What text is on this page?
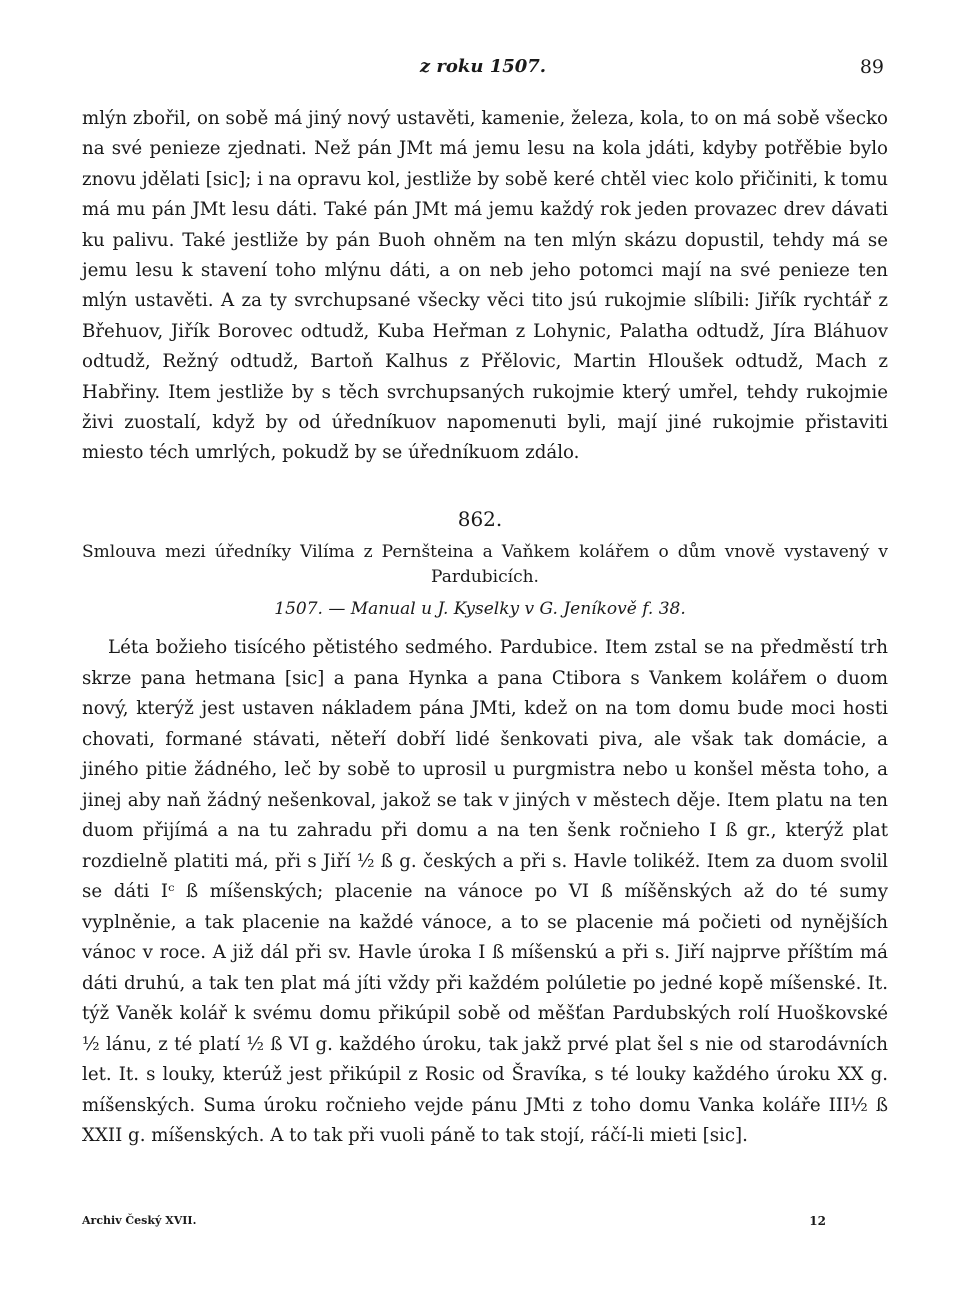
z roku 1507.	89

mlýn zbořil, on sobě má jiný nový ustavěti, kamenie, železa, kola, to on má sobě všecko na své penieze zjednati. Než pán JMt má jemu lesu na kola jdáti, kdyby potřěbie bylo znovu jdělati [sic]; i na opravu kol, jestliže by sobě keré chtěl viec kolo přičiniti, k tomu má mu pán JMt lesu dáti. Také pán JMt má jemu každý rok jeden provazec drev dávati ku palivu. Také jestliže by pán Buoh ohněm na ten mlýn skázu dopustil, tehdy má se jemu lesu k stavení toho mlýnu dáti, a on neb jeho potomci mají na své penieze ten mlýn ustavěti. A za ty svrchupsané všecky věci tito jsú rukojmie slíbili: Jiřík rychtář z Břehuov, Jiřík Borovec odtudž, Kuba Heřman z Lohynic, Palatha odtudž, Jíra Bláhuov odtudž, Režný odtudž, Bartoň Kalhus z Přělovic, Martin Hloušek odtudž, Mach z Habřiny. Item jestliže by s těch svrchupsaných rukojmie který umřel, tehdy rukojmie živi zuostalí, když by od úředníkuov napomenuti byli, mají jiné rukojmie přistaviti miesto téch umrlých, pokudž by se úředníkuom zdálo.

862.
Smlouva mezi úředníky Vilíma z Pernšteina a Vaňkem kolářem o dům vnově vystavený v Pardubicích.
1507. — Manual u J. Kyselky v G. Jeníkově f. 38.

Léta božieho tisícého pětistého sedmého. Pardubice. Item zstal se na předměstí trh skrze pana hetmana [sic] a pana Hynka a pana Ctibora s Vankem kolářem o duom nový, kterýž jest ustaven nákladem pána JMti, kdež on na tom domu bude moci hosti chovati, formané stávati, něteří dobří lidé šenkovati piva, ale však tak domácie, a jiného pitie žádného, leč by sobě to uprosil u purgmistra nebo u konšel města toho, a jinej aby naň žádný nešenkoval, jakož se tak v jiných v městech děje. Item platu na ten duom přijímá a na tu zahradu při domu a na ten šenk ročnieho I ß gr., kterýž plat rozdielně platiti má, při s Jiří ½ ß g. českých a při s. Havle tolikéž. Item za duom svolil se dáti Iᶜ ß míšenských; placenie na vánoce po VI ß míšěnských až do té sumy vyplněnie, a tak placenie na každé vánoce, a to se placenie má počieti od nynějších vánoc v roce. A již dál při sv. Havle úroka I ß míšenskú a při s. Jiří najprve příštím má dáti druhú, a tak ten plat má jíti vždy při každém polúletie po jedné kopě míšenské. It. týž Vaněk kolář k svému domu přikúpil sobě od měšťan Pardubských rolí Huoškovské ½ lánu, z té platí ½ ß VI g. každého úroku, tak jakž prvé plat šel s nie od starodávních let. It. s louky, kterúž jest přikúpil z Rosic od Šravíka, s té louky každého úroku XX g. míšenských. Suma úroku ročnieho vejde pánu JMti z toho domu Vanka koláře III½ ß XXII g. míšenských. A to tak při vuoli páně to tak stojí, ráčí-li mieti [sic].

Archiv Český XVII.	12
